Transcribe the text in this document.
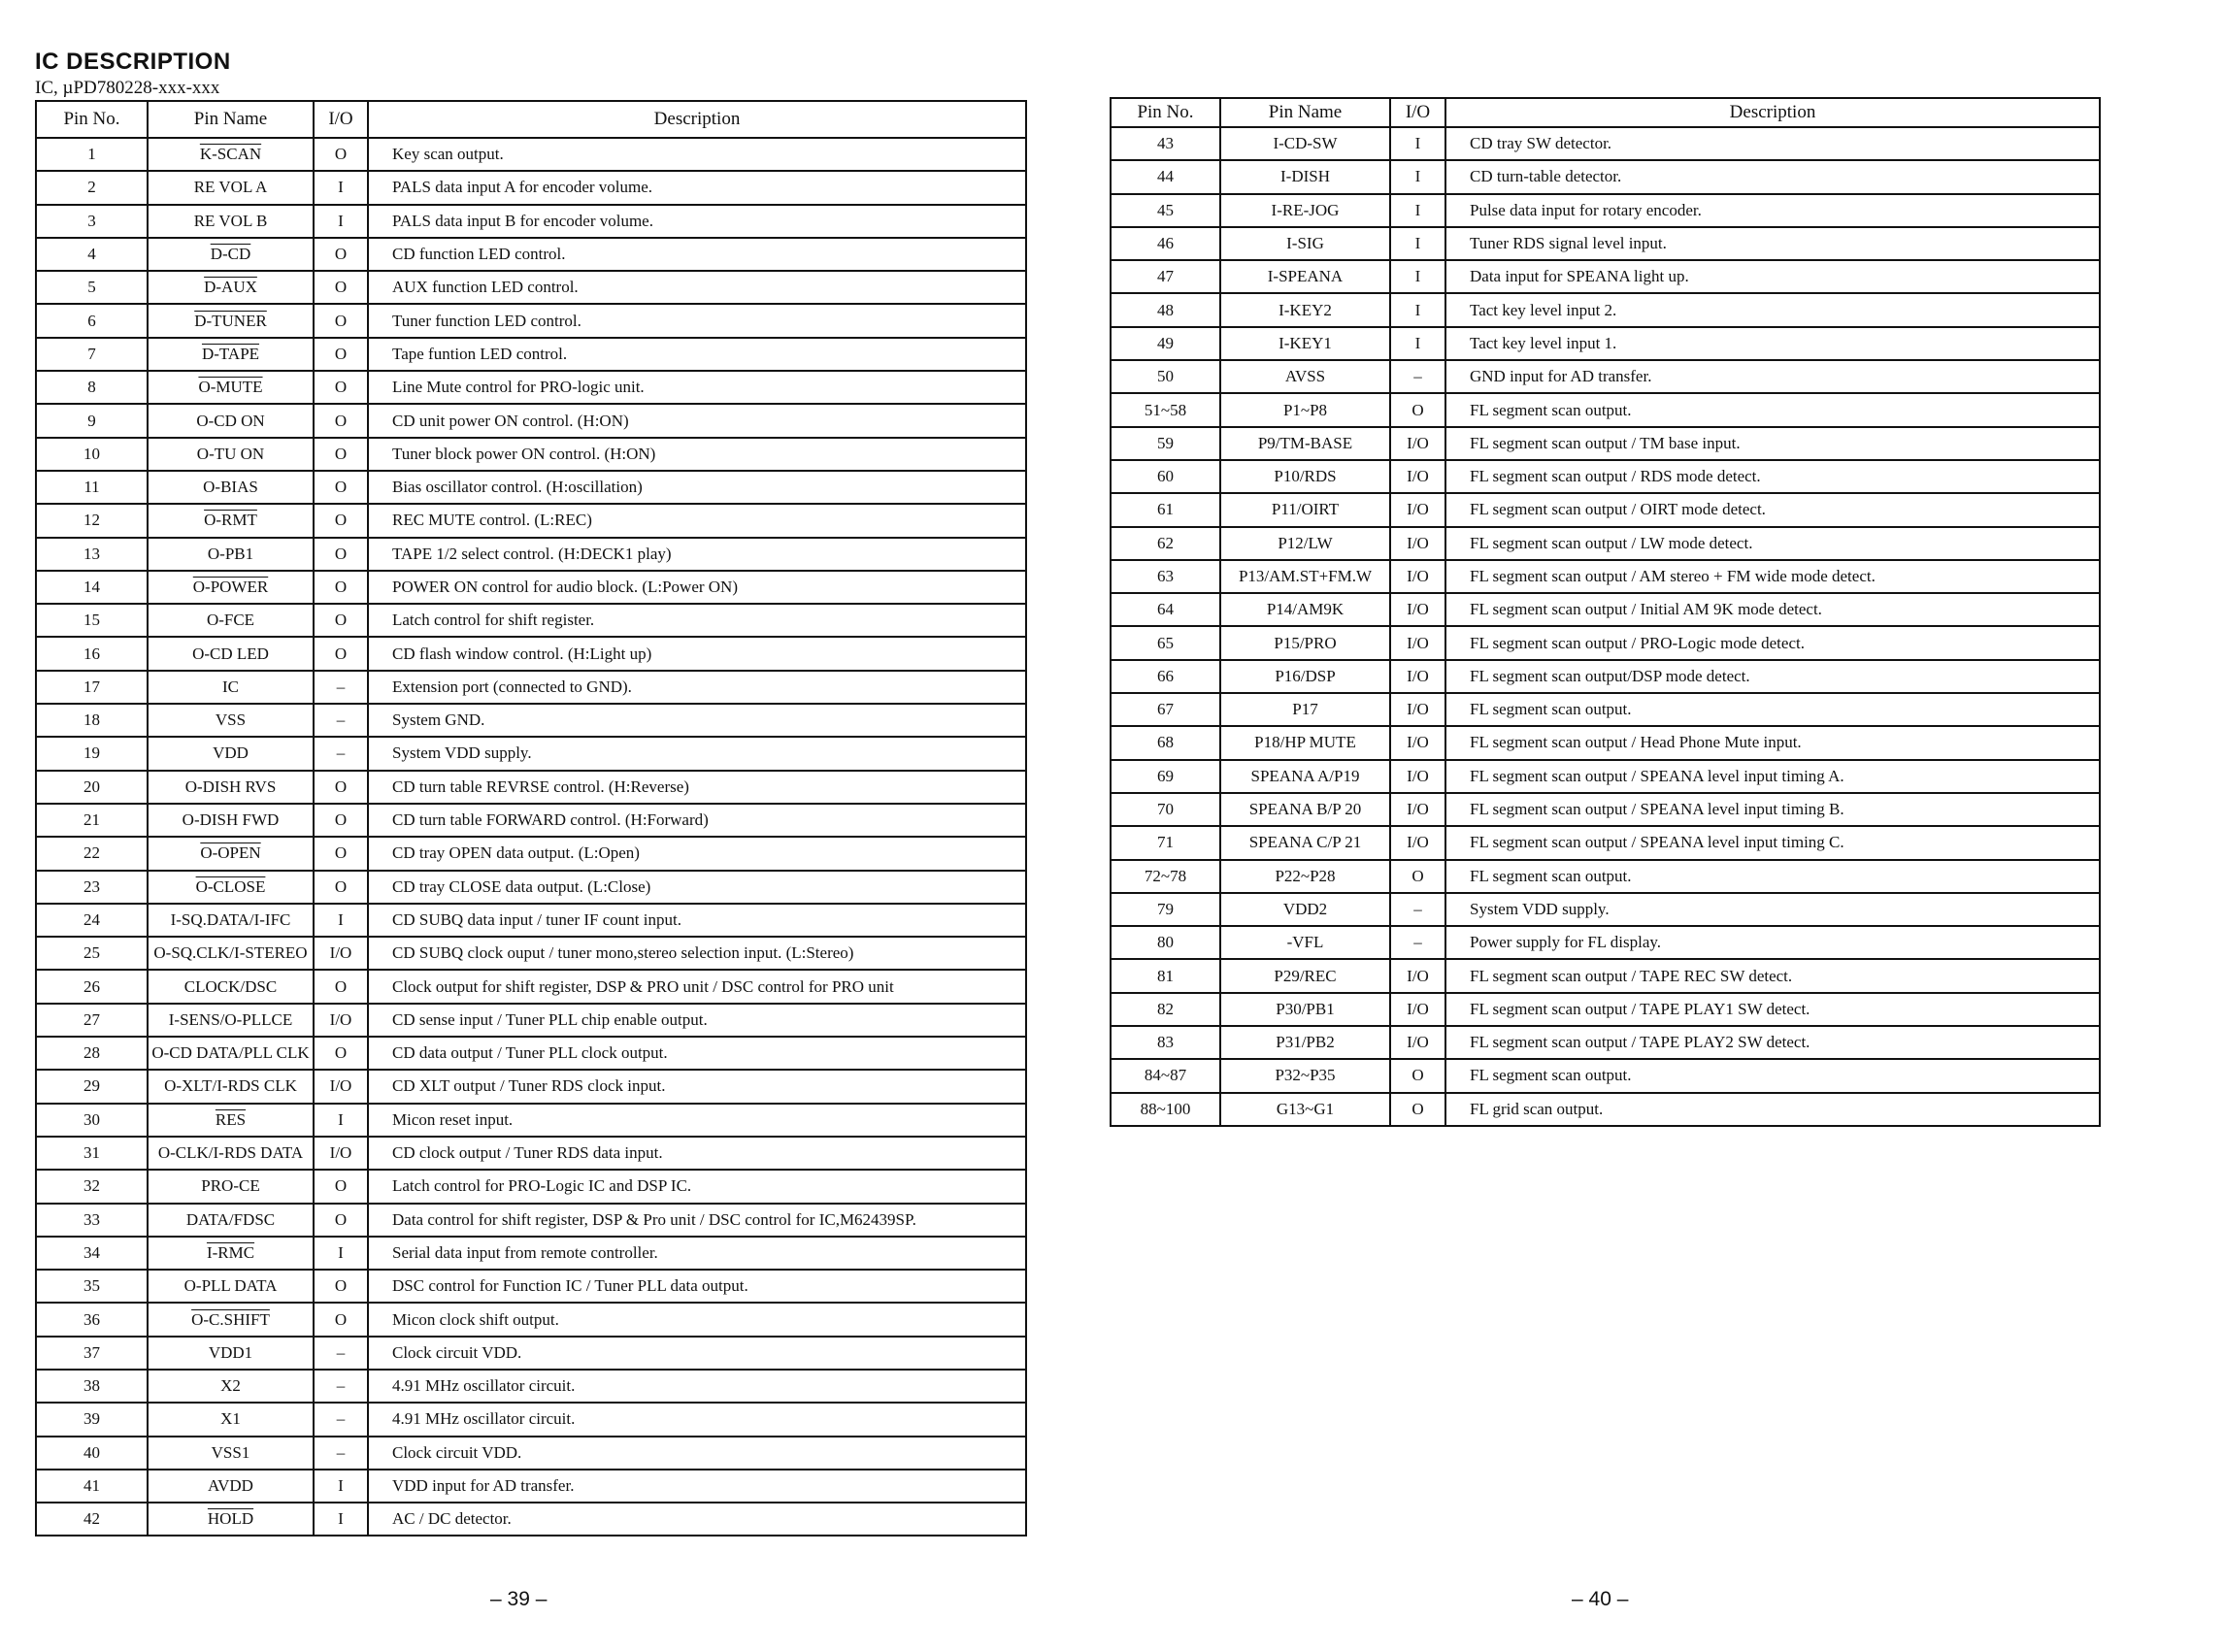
IC DESCRIPTION
IC, µPD780228-xxx-xxx
Pin No.	Pin Name	I/O	Description
1	K-SCAN	O	Key scan output.
2	RE VOL A	I	PALS data input A for encoder volume.
3	RE VOL B	I	PALS data input B for encoder volume.
4	D-CD	O	CD function LED control.
5	D-AUX	O	AUX function LED control.
6	D-TUNER	O	Tuner function LED control.
7	D-TAPE	O	Tape funtion LED control.
8	O-MUTE	O	Line Mute control for PRO-logic unit.
9	O-CD ON	O	CD unit power ON control. (H:ON)
10	O-TU ON	O	Tuner block power ON control. (H:ON)
11	O-BIAS	O	Bias oscillator control. (H:oscillation)
12	O-RMT	O	REC MUTE control. (L:REC)
13	O-PB1	O	TAPE 1/2 select control. (H:DECK1 play)
14	O-POWER	O	POWER ON control for audio block. (L:Power ON)
15	O-FCE	O	Latch control for shift register.
16	O-CD LED	O	CD flash window control. (H:Light up)
17	IC	–	Extension port (connected to GND).
18	VSS	–	System GND.
19	VDD	–	System VDD supply.
20	O-DISH RVS	O	CD turn table REVRSE control. (H:Reverse)
21	O-DISH FWD	O	CD turn table FORWARD control. (H:Forward)
22	O-OPEN	O	CD tray OPEN data output. (L:Open)
23	O-CLOSE	O	CD tray CLOSE data output. (L:Close)
24	I-SQ.DATA/I-IFC	I	CD SUBQ data input / tuner IF count input.
25	O-SQ.CLK/I-STEREO	I/O	CD SUBQ clock ouput / tuner mono,stereo selection input. (L:Stereo)
26	CLOCK/DSC	O	Clock output for shift register, DSP & PRO unit / DSC control for PRO unit
27	I-SENS/O-PLLCE	I/O	CD sense input / Tuner PLL chip enable output.
28	O-CD DATA/PLL CLK	O	CD data output / Tuner PLL clock output.
29	O-XLT/I-RDS CLK	I/O	CD XLT output / Tuner RDS clock input.
30	$\overline{RES}$	I	Micon reset input.
31	O-CLK/I-RDS DATA	I/O	CD clock output / Tuner RDS data input.
32	PRO-CE	O	Latch control for PRO-Logic IC and DSP IC.
33	DATA/FDSC	O	Data control for shift register, DSP & Pro unit / DSC control for IC,M62439SP.
34	I-RMC	I	Serial data input from remote controller.
35	O-PLL DATA	O	DSC control for Function IC / Tuner PLL data output.
36	O-C.SHIFT	O	Micon clock shift output.
37	VDD1	–	Clock circuit VDD.
38	X2	–	4.91 MHz oscillator circuit.
39	X1	–	4.91 MHz oscillator circuit.
40	VSS1	–	Clock circuit VDD.
41	AVDD	I	VDD input for AD transfer.
42	HOLD	I	AC / DC detector.
Pin No.	Pin Name	I/O	Description
43	I-CD-SW	I	CD tray SW detector.
44	I-DISH	I	CD turn-table detector.
45	I-RE-JOG	I	Pulse data input for rotary encoder.
46	I-SIG	I	Tuner RDS signal level input.
47	I-SPEANA	I	Data input for SPEANA light up.
48	I-KEY2	I	Tact key level input 2.
49	I-KEY1	I	Tact key level input 1.
50	AVSS	–	GND input for AD transfer.
51~58	P1~P8	O	FL segment scan output.
59	P9/TM-BASE	I/O	FL segment scan output / TM base input.
60	P10/RDS	I/O	FL segment scan output / RDS mode detect.
61	P11/OIRT	I/O	FL segment scan output / OIRT mode detect.
62	P12/LW	I/O	FL segment scan output / LW mode detect.
63	P13/AM.ST+FM.W	I/O	FL segment scan output / AM stereo + FM wide mode detect.
64	P14/AM9K	I/O	FL segment scan output / Initial AM 9K mode detect.
65	P15/PRO	I/O	FL segment scan output / PRO-Logic mode detect.
66	P16/DSP	I/O	FL segment scan output/DSP mode detect.
67	P17	I/O	FL segment scan output.
68	P18/HP MUTE	I/O	FL segment scan output / Head Phone Mute input.
69	SPEANA A/P19	I/O	FL segment scan output / SPEANA level input timing A.
70	SPEANA B/P 20	I/O	FL segment scan output / SPEANA level input timing B.
71	SPEANA C/P 21	I/O	FL segment scan output / SPEANA level input timing C.
72~78	P22~P28	O	FL segment scan output.
79	VDD2	–	System VDD supply.
80	-VFL	–	Power supply for FL display.
81	P29/REC	I/O	FL segment scan output / TAPE REC SW detect.
82	P30/PB1	I/O	FL segment scan output / TAPE PLAY1 SW detect.
83	P31/PB2	I/O	FL segment scan output / TAPE PLAY2 SW detect.
84~87	P32~P35	O	FL segment scan output.
88~100	G13~G1	O	FL grid scan output.
– 39 –	– 40 –
